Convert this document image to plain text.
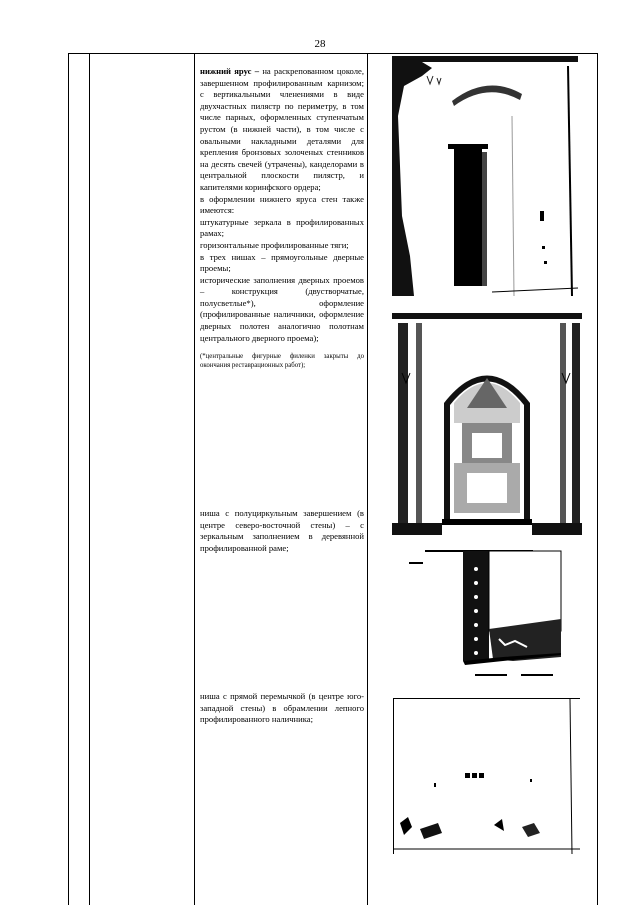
28

нижний ярус – на раскрепованном цоколе, завершенном профилированным карнизом; с вертикальными членениями в виде двухчастных пилястр по периметру, в том числе парных, оформленных ступенчатым рустом (в нижней части), в том числе с овальными накладными деталями для крепления бронзовых золоченых стенников на десять свечей (утрачены), канделорами в центральной плоскости пилястр, и капителями коринфского ордера;

в оформлении нижнего яруса стен также имеются:

штукатурные зеркала в профилированных рамах;

горизонтальные профилированные тяги;

в трех нишах – прямоугольные дверные проемы;

исторические заполнения дверных проемов – конструкция (двустворчатые, полусветлые*), оформление (профилированные наличники, оформление дверных полотен аналогично полотнам центрального дверного проема);

(*центральные фигурные филенки закрыты до окончания реставрационных работ);

ниша с полуциркульным завершением (в центре северо-восточной стены) – с зеркальным заполнением в деревянной профилированной раме;
ниша с прямой перемычкой (в центре юго-западной стены) в обрамлении лепного профилированного наличника;
